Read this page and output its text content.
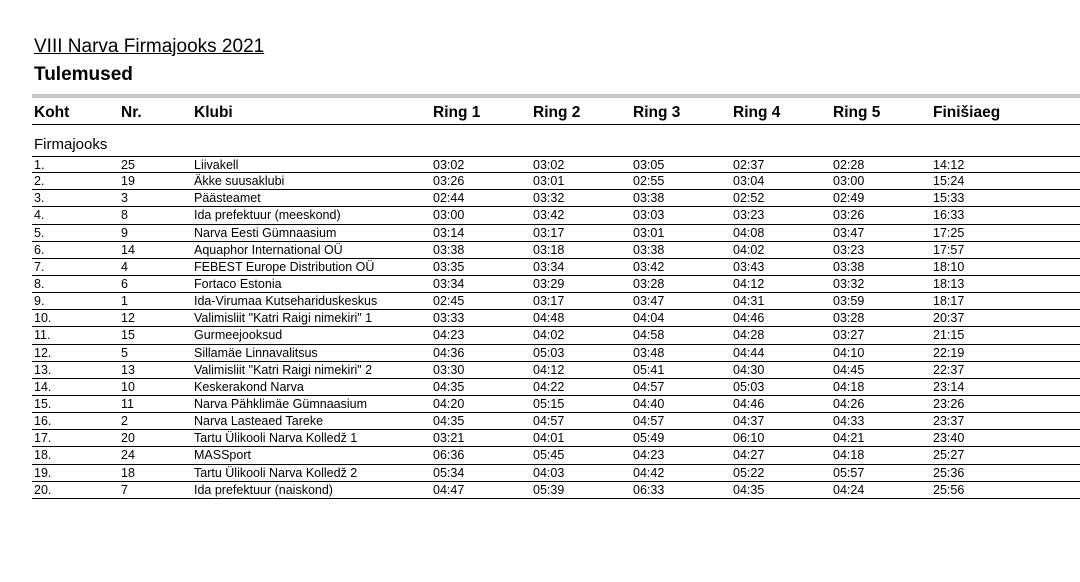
VIII Narva Firmajooks 2021
Tulemused
Koht	Nr.	Klubi	Ring 1	Ring 2	Ring 3	Ring 4	Ring 5	Finišiaeg
Firmajooks
1.	25	Liivakell	03:02	03:02	03:05	02:37	02:28	14:12
2.	19	Äkke suusaklubi	03:26	03:01	02:55	03:04	03:00	15:24
3.	3	Päästeamet	02:44	03:32	03:38	02:52	02:49	15:33
4.	8	Ida prefektuur (meeskond)	03:00	03:42	03:03	03:23	03:26	16:33
5.	9	Narva Eesti Gümnaasium	03:14	03:17	03:01	04:08	03:47	17:25
6.	14	Aquaphor International OÜ	03:38	03:18	03:38	04:02	03:23	17:57
7.	4	FEBEST Europe Distribution OÜ	03:35	03:34	03:42	03:43	03:38	18:10
8.	6	Fortaco Estonia	03:34	03:29	03:28	04:12	03:32	18:13
9.	1	Ida-Virumaa Kutsehariduskeskus	02:45	03:17	03:47	04:31	03:59	18:17
10.	12	Valimisliit "Katri Raigi nimekiri" 1	03:33	04:48	04:04	04:46	03:28	20:37
11.	15	Gurmeejooksud	04:23	04:02	04:58	04:28	03:27	21:15
12.	5	Sillamäe Linnavalitsus	04:36	05:03	03:48	04:44	04:10	22:19
13.	13	Valimisliit "Katri Raigi nimekiri" 2	03:30	04:12	05:41	04:30	04:45	22:37
14.	10	Keskerakond Narva	04:35	04:22	04:57	05:03	04:18	23:14
15.	11	Narva Pähklimäe Gümnaasium	04:20	05:15	04:40	04:46	04:26	23:26
16.	2	Narva Lasteaed Tareke	04:35	04:57	04:57	04:37	04:33	23:37
17.	20	Tartu Ülikooli Narva Kolledž 1	03:21	04:01	05:49	06:10	04:21	23:40
18.	24	MASSport	06:36	05:45	04:23	04:27	04:18	25:27
19.	18	Tartu Ülikooli Narva Kolledž 2	05:34	04:03	04:42	05:22	05:57	25:36
20.	7	Ida prefektuur (naiskond)	04:47	05:39	06:33	04:35	04:24	25:56
